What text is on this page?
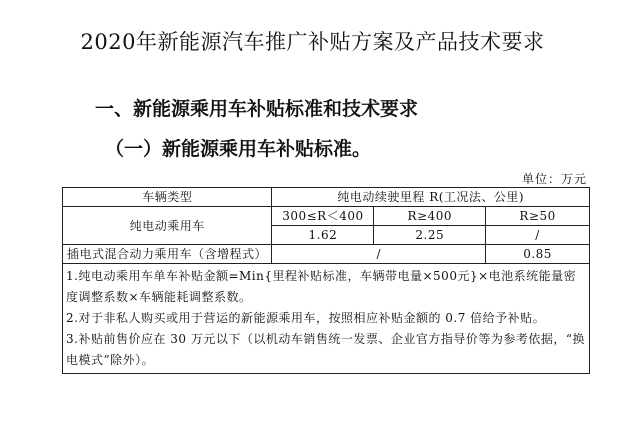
2020年新能源汽车推广补贴方案及产品技术要求
一、新能源乘用车补贴标准和技术要求
（一）新能源乘用车补贴标准。
单位：万元
车辆类型	纯电动续驶里程 R(工况法、公里)		
纯电动乘用车	300≤R＜400	R≥400	R≥50
	1.62	2.25	/
插电式混合动力乘用车（含增程式）	/		0.85

1.纯电动乘用车单车补贴金额=Min{里程补贴标准，车辆带电量×500元}×电池系统能量密度调整系数×车辆能耗调整系数。

2.对于非私人购买或用于营运的新能源乘用车，按照相应补贴金额的 0.7 倍给予补贴。

3.补贴前售价应在 30 万元以下（以机动车销售统一发票、企业官方指导价等为参考依据，“换电模式”除外）。			
